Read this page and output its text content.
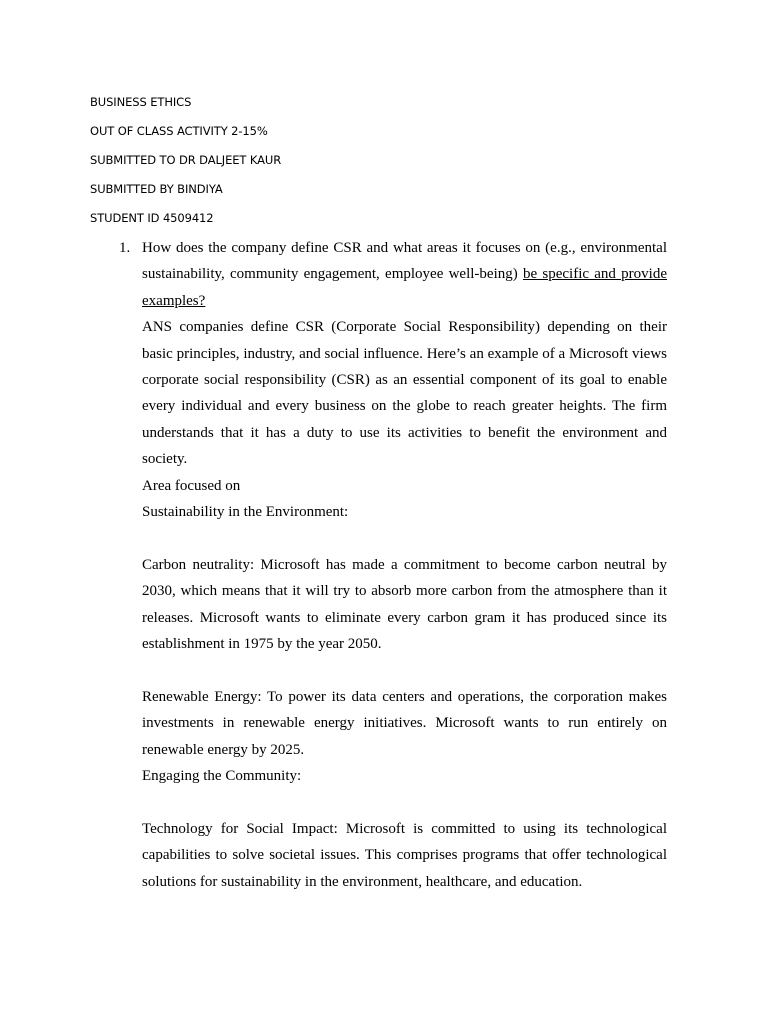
BUSINESS ETHICS
OUT OF CLASS ACTIVITY 2-15%
SUBMITTED TO DR DALJEET KAUR
SUBMITTED BY BINDIYA
STUDENT ID 4509412
1. How does the company define CSR and what areas it focuses on (e.g., environmental sustainability, community engagement, employee well-being) be specific and provide examples?

ANS companies define CSR (Corporate Social Responsibility) depending on their basic principles, industry, and social influence. Here’s an example of a Microsoft views corporate social responsibility (CSR) as an essential component of its goal to enable every individual and every business on the globe to reach greater heights. The firm understands that it has a duty to use its activities to benefit the environment and society.

Area focused on

Sustainability in the Environment:

Carbon neutrality: Microsoft has made a commitment to become carbon neutral by 2030, which means that it will try to absorb more carbon from the atmosphere than it releases. Microsoft wants to eliminate every carbon gram it has produced since its establishment in 1975 by the year 2050.

Renewable Energy: To power its data centers and operations, the corporation makes investments in renewable energy initiatives. Microsoft wants to run entirely on renewable energy by 2025.

Engaging the Community:

Technology for Social Impact: Microsoft is committed to using its technological capabilities to solve societal issues. This comprises programs that offer technological solutions for sustainability in the environment, healthcare, and education.
